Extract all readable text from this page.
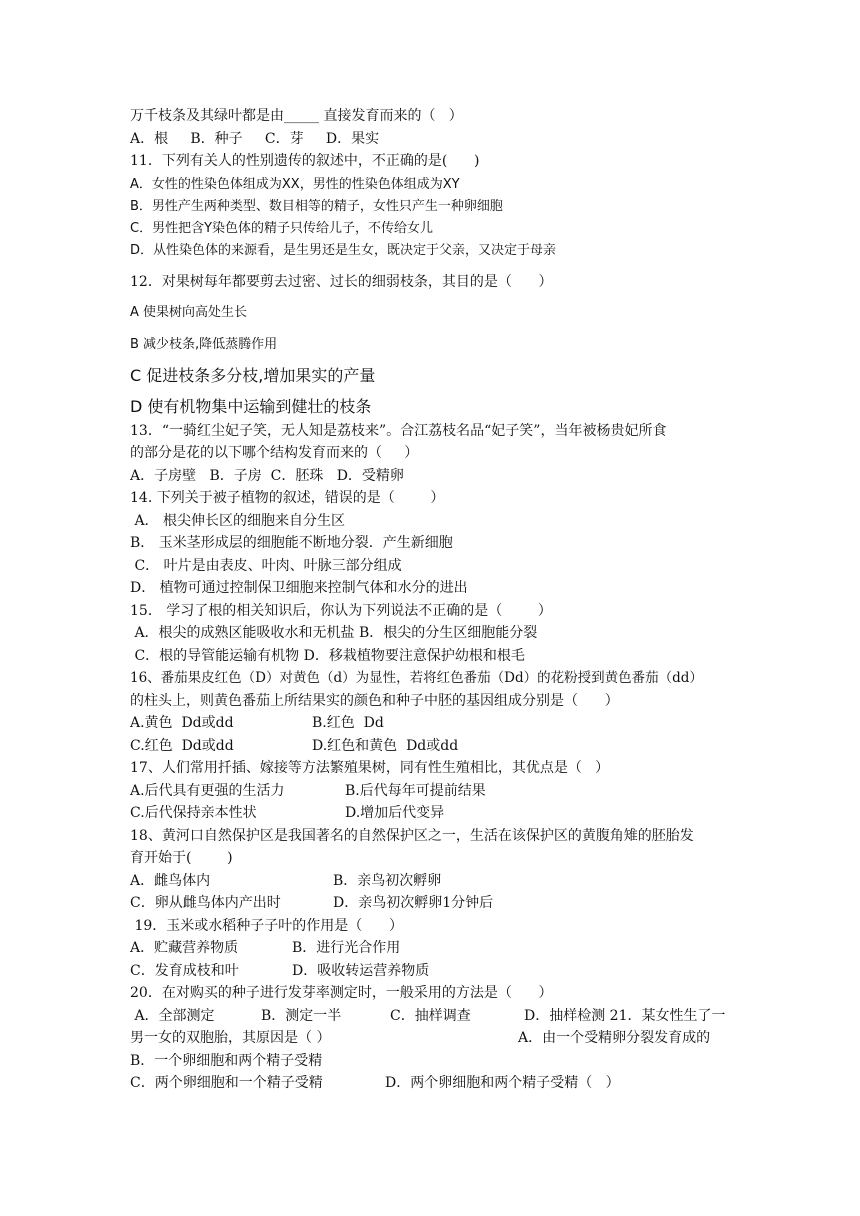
万千枝条及其绿叶都是由_____ 直接发育而来的（   ）
A．根     B．种子     C．芽     D．果实
11．下列有关人的性别遗传的叙述中，不正确的是(      )
A．女性的性染色体组成为XX，男性的性染色体组成为XY
B．男性产生两种类型、数目相等的精子，女性只产生一种卵细胞
C．男性把含Y染色体的精子只传给儿子，不传给女儿
D．从性染色体的来源看，是生男还是生女，既决定于父亲，又决定于母亲
12．对果树每年都要剪去过密、过长的细弱枝条，其目的是（      ）
A 使果树向高处生长
B 减少枝条,降低蒸腾作用
C 促进枝条多分枝,增加果实的产量
D 使有机物集中运输到健壮的枝条
13．“一骑红尘妃子笑，无人知是荔枝来”。合江荔枝名品“妃子笑”，当年被杨贵妃所食
的部分是花的以下哪个结构发育而来的（     ）
A．子房壁   B．子房  C．胚珠   D．受精卵
14. 下列关于被子植物的叙述，错误的是（        ）
A． 根尖伸长区的细胞来自分生区
B． 玉米茎形成层的细胞能不断地分裂．产生新细胞
C． 叶片是由表皮、叶肉、叶脉三部分组成
D． 植物可通过控制保卫细胞来控制气体和水分的进出
15． 学习了根的相关知识后，你认为下列说法不正确的是（        ）
A．根尖的成熟区能吸收水和无机盐 B．根尖的分生区细胞能分裂
C．根的导管能运输有机物 D．移栽植物要注意保护幼根和根毛
16、番茄果皮红色（D）对黄色（d）为显性，若将红色番茄（Dd）的花粉授到黄色番茄（dd）
的柱头上，则黄色番茄上所结果实的颜色和种子中胚的基因组成分别是（      ）
A.黄色  Dd或dd	B.红色  Dd
C.红色  Dd或dd	D.红色和黄色  Dd或dd
17、人们常用扦插、嫁接等方法繁殖果树，同有性生殖相比，其优点是（   ）
A.后代具有更强的生活力	B.后代每年可提前结果
C.后代保持亲本性状	D.增加后代变异
18、黄河口自然保护区是我国著名的自然保护区之一，生活在该保护区的黄腹角雉的胚胎发
育开始于(        )
A．雌鸟体内	B．亲鸟初次孵卵
C．卵从雌鸟体内产出时	D．亲鸟初次孵卵1分钟后
19．玉米或水稻种子子叶的作用是（      ）
A．贮藏营养物质	B．进行光合作用
C．发育成枝和叶	D．吸收转运营养物质
20．在对购买的种子进行发芽率测定时，一般采用的方法是（      ）
A．全部测定	B．测定一半	C．抽样调查	D．抽样检测 21．某女性生了一
男一女的双胞胎，其原因是（ ）	A．由一个受精卵分裂发育成的
B．一个卵细胞和两个精子受精
C．两个卵细胞和一个精子受精	D．两个卵细胞和两个精子受精（   ）
